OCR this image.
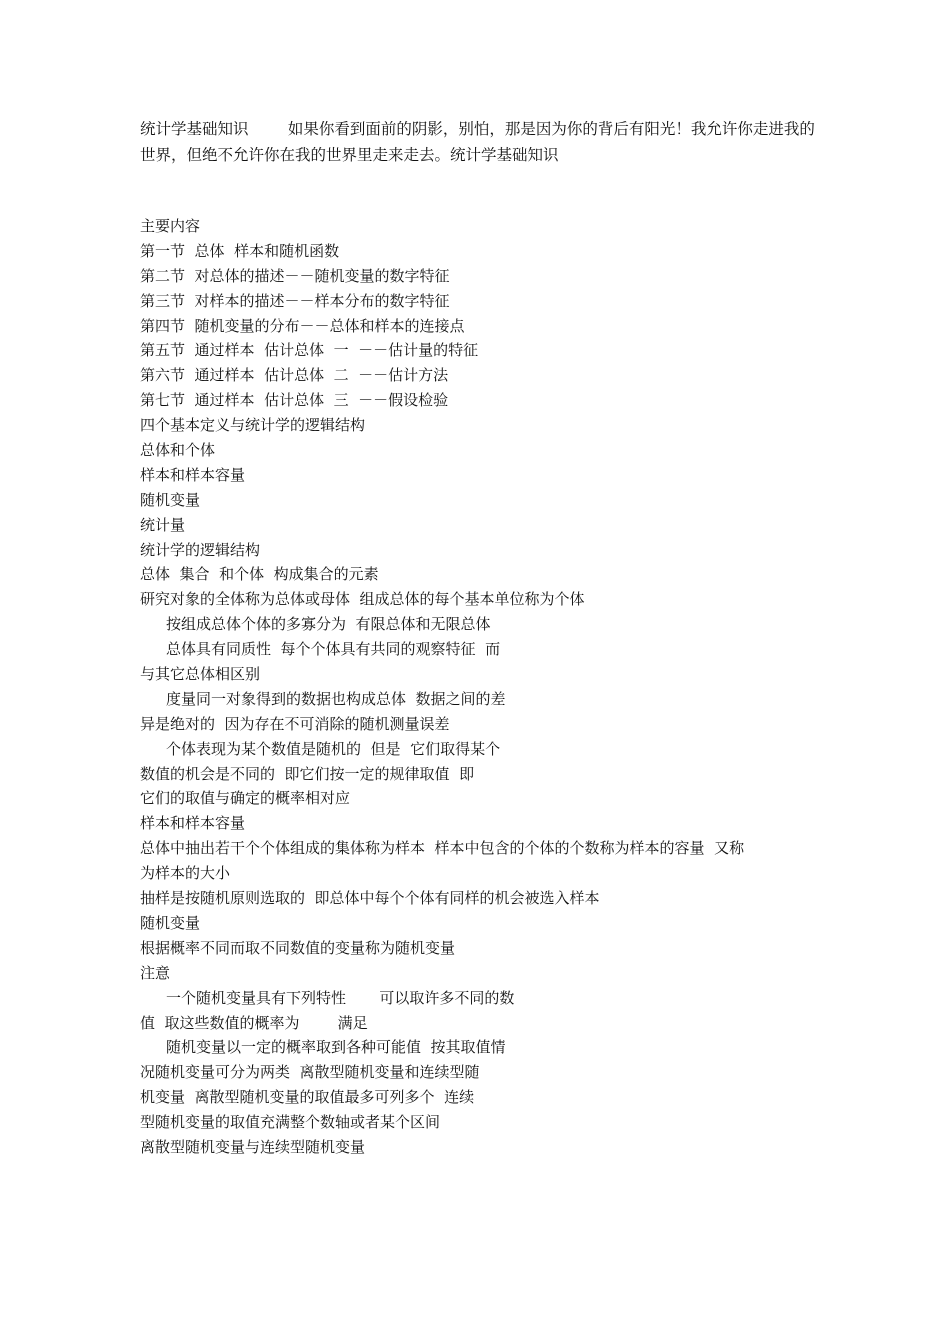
统计学基础知识        如果你看到面前的阴影，别怕，那是因为你的背后有阳光！我允许你走进我的世界，但绝不允许你在我的世界里走来走去。统计学基础知识

主要内容
第一节  总体  样本和随机函数
第二节  对总体的描述－－随机变量的数字特征
第三节  对样本的描述－－样本分布的数字特征
第四节  随机变量的分布－－总体和样本的连接点
第五节  通过样本  估计总体  一  －－估计量的特征
第六节  通过样本  估计总体  二  －－估计方法
第七节  通过样本  估计总体  三  －－假设检验
四个基本定义与统计学的逻辑结构
总体和个体
样本和样本容量
随机变量
统计量
统计学的逻辑结构
总体  集合  和个体  构成集合的元素
研究对象的全体称为总体或母体  组成总体的每个基本单位称为个体
按组成总体个体的多寡分为  有限总体和无限总体
总体具有同质性  每个个体具有共同的观察特征  而
与其它总体相区别
度量同一对象得到的数据也构成总体  数据之间的差
异是绝对的  因为存在不可消除的随机测量误差
个体表现为某个数值是随机的  但是  它们取得某个
数值的机会是不同的  即它们按一定的规律取值  即
它们的取值与确定的概率相对应
样本和样本容量
总体中抽出若干个个体组成的集体称为样本  样本中包含的个体的个数称为样本的容量  又称
为样本的大小
抽样是按随机原则选取的  即总体中每个个体有同样的机会被选入样本
随机变量
根据概率不同而取不同数值的变量称为随机变量
注意
一个随机变量具有下列特性       可以取许多不同的数
值  取这些数值的概率为        满足
随机变量以一定的概率取到各种可能值  按其取值情
况随机变量可分为两类  离散型随机变量和连续型随
机变量  离散型随机变量的取值最多可列多个  连续
型随机变量的取值充满整个数轴或者某个区间
离散型随机变量与连续型随机变量
